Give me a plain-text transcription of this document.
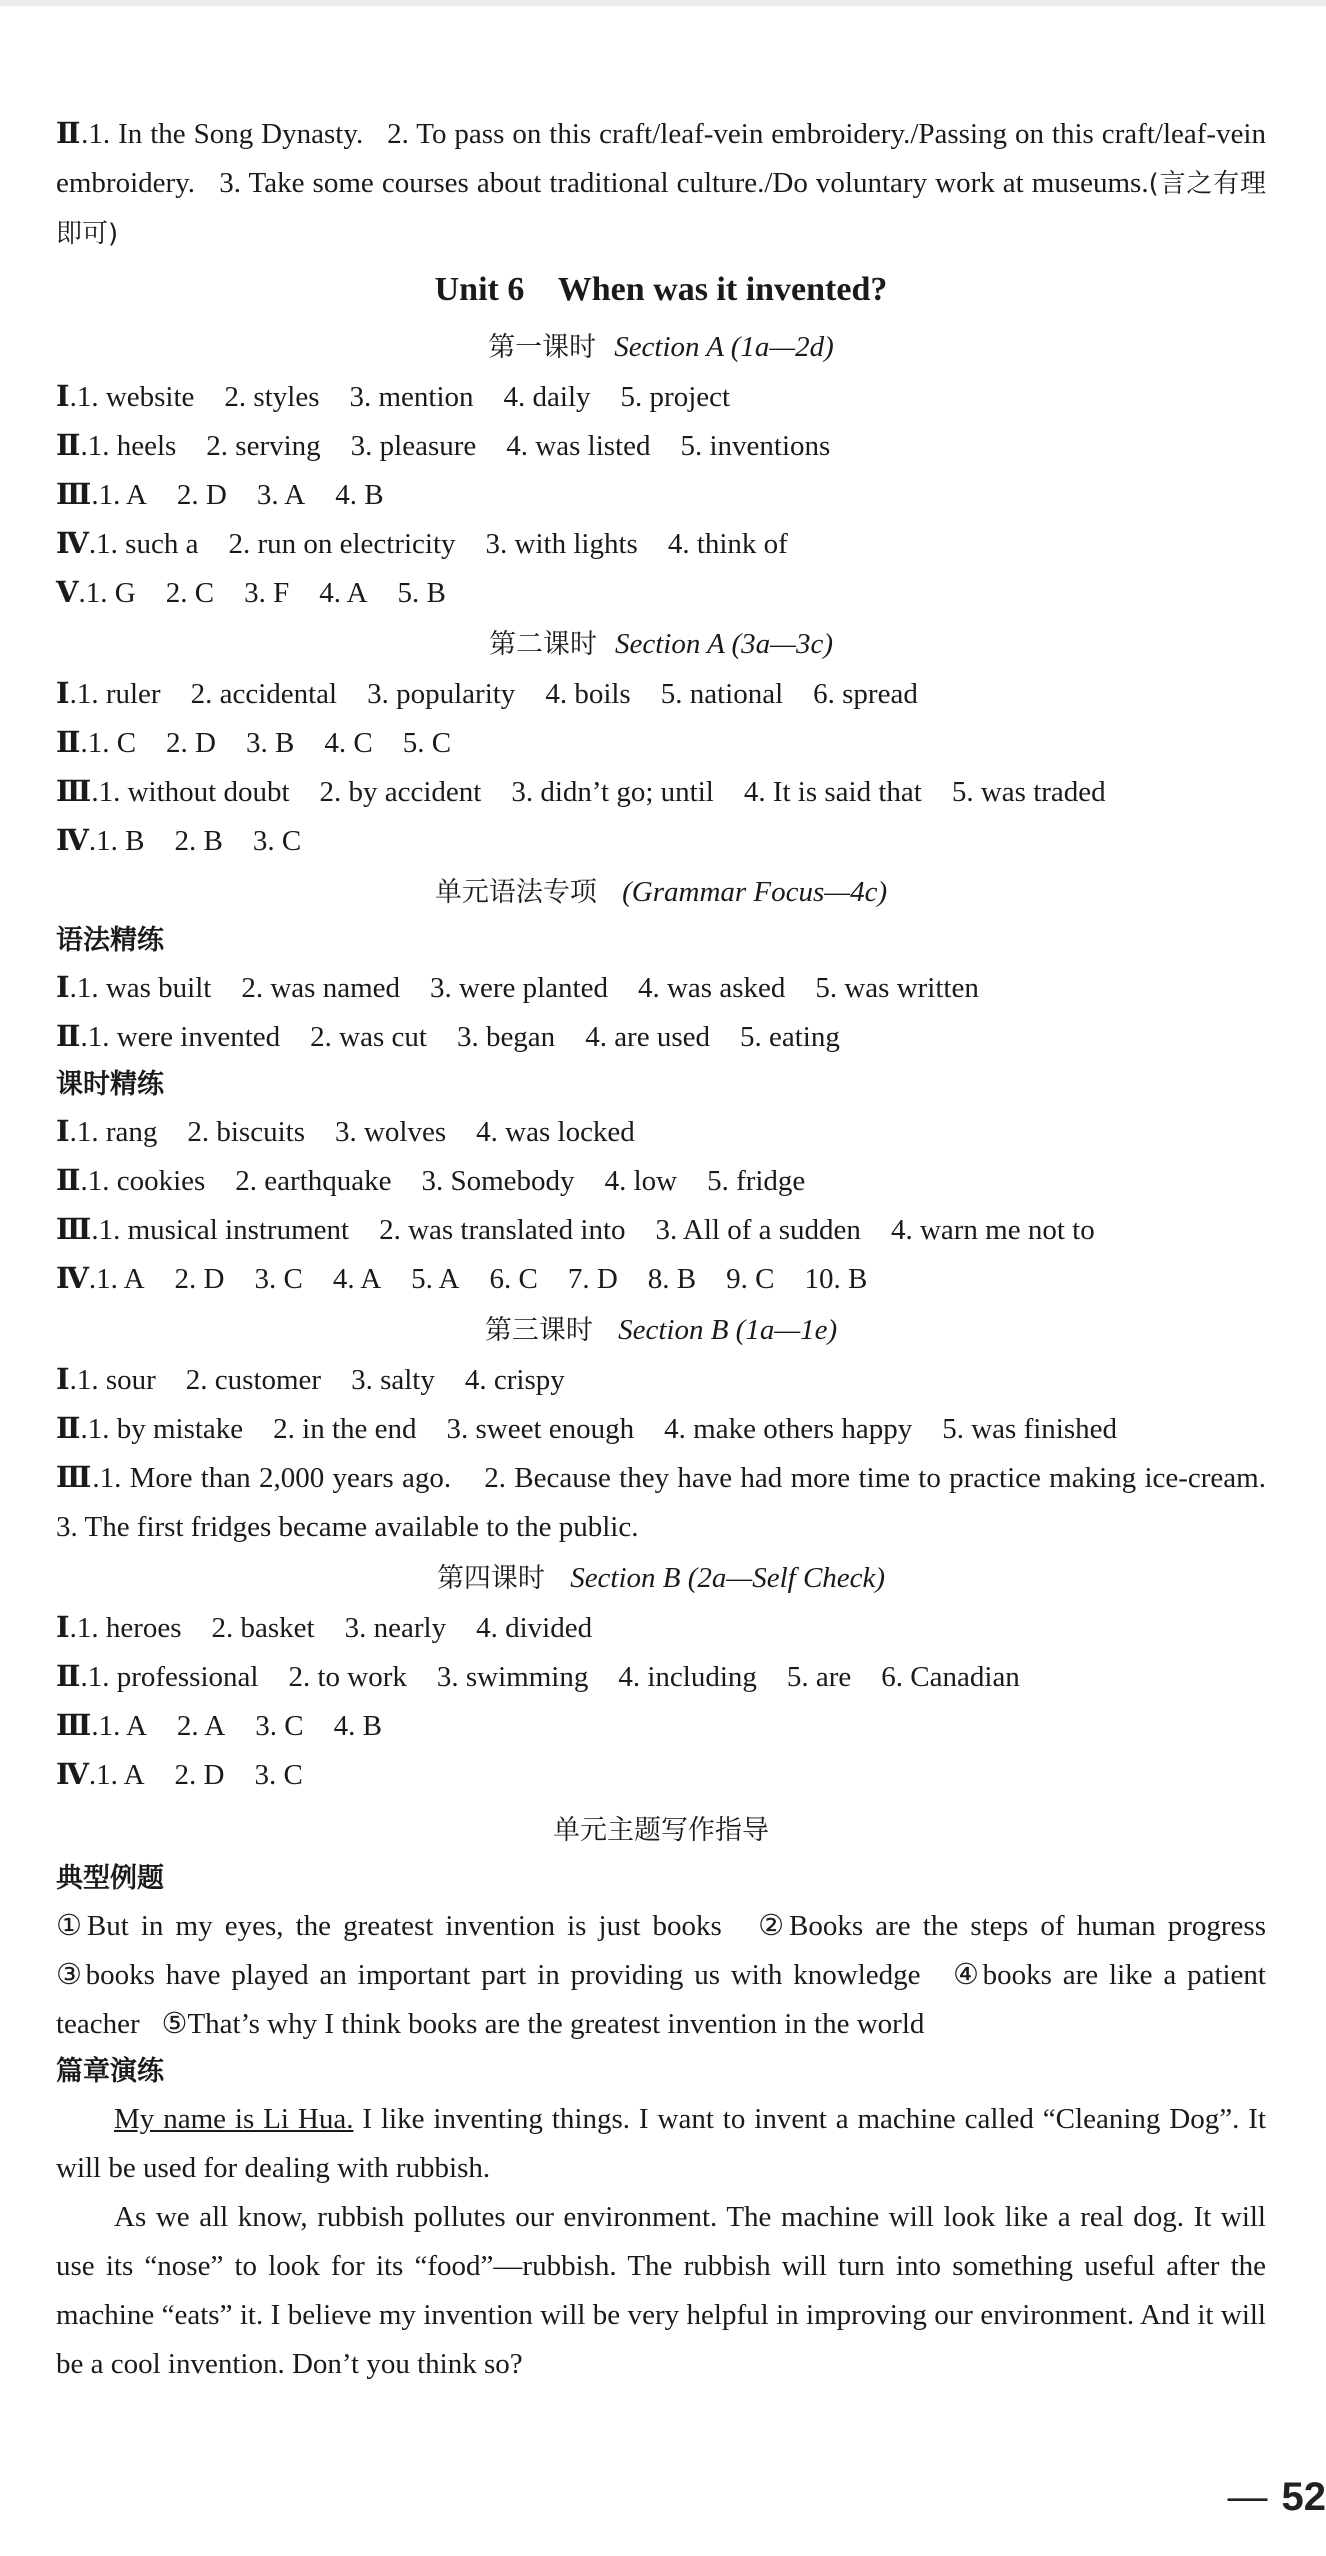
Ⅱ.1. In the Song Dynasty. 2. To pass on this craft/leaf-vein embroidery./Passing on this craft/leaf-vein embroidery. 3. Take some courses about traditional culture./Do voluntary work at museums.(言之有理即可)
Unit 6    When was it invented?
第一课时 Section A (1a—2d)
Ⅰ.1. website 2. styles 3. mention 4. daily 5. project
Ⅱ.1. heels 2. serving 3. pleasure 4. was listed 5. inventions
Ⅲ.1. A 2. D 3. A 4. B
Ⅳ.1. such a 2. run on electricity 3. with lights 4. think of
Ⅴ.1. G 2. C 3. F 4. A 5. B
第二课时 Section A (3a—3c)
Ⅰ.1. ruler 2. accidental 3. popularity 4. boils 5. national 6. spread
Ⅱ.1. C 2. D 3. B 4. C 5. C
Ⅲ.1. without doubt 2. by accident 3. didn’t go; until 4. It is said that 5. was traded
Ⅳ.1. B 2. B 3. C
单元语法专项 (Grammar Focus—4c)
语法精练
Ⅰ.1. was built 2. was named 3. were planted 4. was asked 5. was written
Ⅱ.1. were invented 2. was cut 3. began 4. are used 5. eating
课时精练
Ⅰ.1. rang 2. biscuits 3. wolves 4. was locked
Ⅱ.1. cookies 2. earthquake 3. Somebody 4. low 5. fridge
Ⅲ.1. musical instrument 2. was translated into 3. All of a sudden 4. warn me not to
Ⅳ.1. A 2. D 3. C 4. A 5. A 6. C 7. D 8. B 9. C 10. B
第三课时 Section B (1a—1e)
Ⅰ.1. sour 2. customer 3. salty 4. crispy
Ⅱ.1. by mistake 2. in the end 3. sweet enough 4. make others happy 5. was finished
Ⅲ.1. More than 2,000 years ago.    2. Because they have had more time to practice making ice-cream.    3. The first fridges became available to the public.
第四课时 Section B (2a—Self Check)
Ⅰ.1. heroes 2. basket 3. nearly 4. divided
Ⅱ.1. professional 2. to work 3. swimming 4. including 5. are 6. Canadian
Ⅲ.1. A 2. A 3. C 4. B
Ⅳ.1. A 2. D 3. C
单元主题写作指导
典型例题
①But in my eyes, the greatest invention is just books   ②Books are the steps of human progress   ③books have played an important part in providing us with knowledge   ④books are like a patient teacher   ⑤That’s why I think books are the greatest invention in the world
篇章演练
My name is Li Hua. I like inventing things. I want to invent a machine called “Cleaning Dog”. It will be used for dealing with rubbish.
As we all know, rubbish pollutes our environment. The machine will look like a real dog. It will use its “nose” to look for its “food”—rubbish. The rubbish will turn into something useful after the machine “eats” it. I believe my invention will be very helpful in improving our environment. And it will be a cool invention. Don’t you think so?
— 52
